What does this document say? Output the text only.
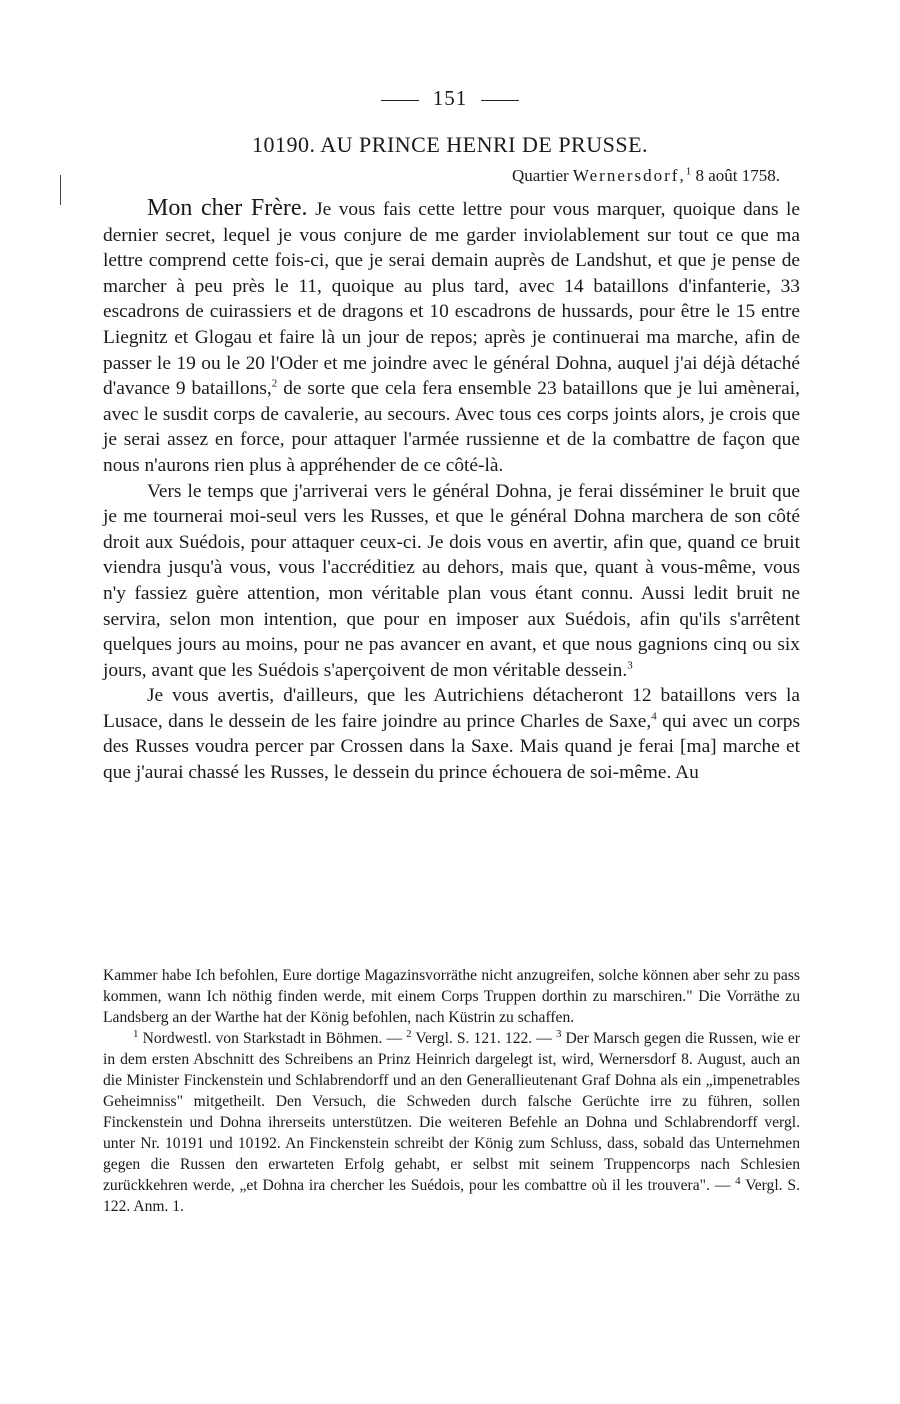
151
10190. AU PRINCE HENRI DE PRUSSE.
Quartier Wernersdorf,$^1$ 8 août 1758.

Mon cher Frère. Je vous fais cette lettre pour vous marquer, quoique dans le dernier secret, lequel je vous conjure de me garder inviolablement sur tout ce que ma lettre comprend cette fois-ci, que je serai demain auprès de Landshut, et que je pense de marcher à peu près le 11, quoique au plus tard, avec 14 bataillons d'infanterie, 33 escadrons de cuirassiers et de dragons et 10 escadrons de hussards, pour être le 15 entre Liegnitz et Glogau et faire là un jour de repos; après je continuerai ma marche, afin de passer le 19 ou le 20 l'Oder et me joindre avec le général Dohna, auquel j'ai déjà détaché d'avance 9 bataillons,$^2$ de sorte que cela fera ensemble 23 bataillons que je lui amènerai, avec le susdit corps de cavalerie, au secours. Avec tous ces corps joints alors, je crois que je serai assez en force, pour attaquer l'armée russienne et de la combattre de façon que nous n'aurons rien plus à appréhender de ce côté-là.

Vers le temps que j'arriverai vers le général Dohna, je ferai disséminer le bruit que je me tournerai moi-seul vers les Russes, et que le général Dohna marchera de son côté droit aux Suédois, pour attaquer ceux-ci. Je dois vous en avertir, afin que, quand ce bruit viendra jusqu'à vous, vous l'accréditiez au dehors, mais que, quant à vous-même, vous n'y fassiez guère attention, mon véritable plan vous étant connu. Aussi ledit bruit ne servira, selon mon intention, que pour en imposer aux Suédois, afin qu'ils s'arrêtent quelques jours au moins, pour ne pas avancer en avant, et que nous gagnions cinq ou six jours, avant que les Suédois s'aperçoivent de mon véritable dessein.$^3$

Je vous avertis, d'ailleurs, que les Autrichiens détacheront 12 bataillons vers la Lusace, dans le dessein de les faire joindre au prince Charles de Saxe,$^4$ qui avec un corps des Russes voudra percer par Crossen dans la Saxe. Mais quand je ferai [ma] marche et que j'aurai chassé les Russes, le dessein du prince échouera de soi-même. Au

Kammer habe Ich befohlen, Eure dortige Magazinsvorräthe nicht anzugreifen, solche können aber sehr zu pass kommen, wann Ich nöthig finden werde, mit einem Corps Truppen dorthin zu marschiren." Die Vorräthe zu Landsberg an der Warthe hat der König befohlen, nach Küstrin zu schaffen.

$^1$ Nordwestl. von Starkstadt in Böhmen. — $^2$ Vergl. S. 121. 122. — $^3$ Der Marsch gegen die Russen, wie er in dem ersten Abschnitt des Schreibens an Prinz Heinrich dargelegt ist, wird, Wernersdorf 8. August, auch an die Minister Finckenstein und Schlabrendorff und an den Generallieutenant Graf Dohna als ein „impenetrables Geheimniss" mitgetheilt. Den Versuch, die Schweden durch falsche Gerüchte irre zu führen, sollen Finckenstein und Dohna ihrerseits unterstützen. Die weiteren Befehle an Dohna und Schlabrendorff vergl. unter Nr. 10191 und 10192. An Finckenstein schreibt der König zum Schluss, dass, sobald das Unternehmen gegen die Russen den erwarteten Erfolg gehabt, er selbst mit seinem Truppencorps nach Schlesien zurückkehren werde, „et Dohna ira chercher les Suédois, pour les combattre où il les trouvera". — $^4$ Vergl. S. 122. Anm. 1.
